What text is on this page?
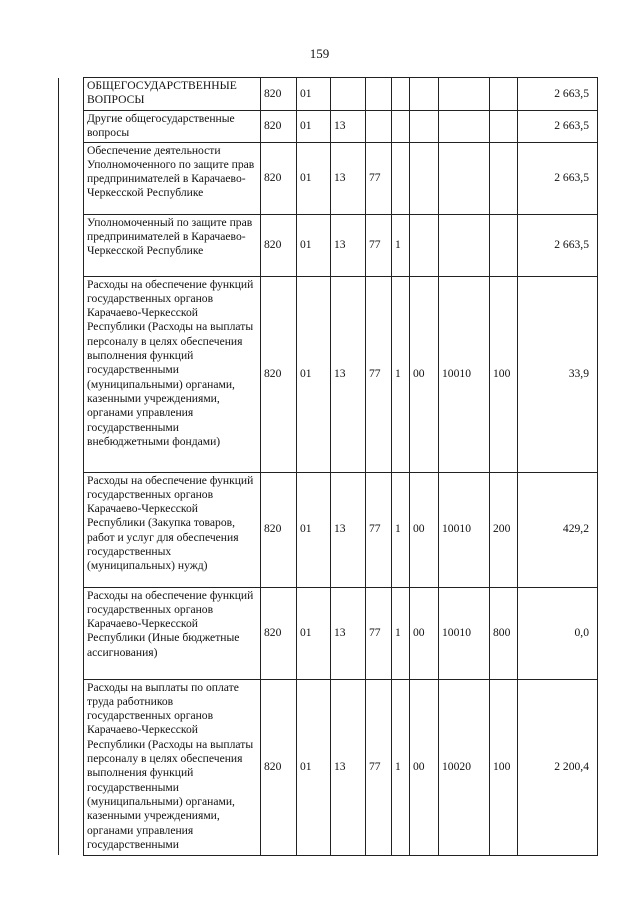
159
	ОБЩЕГОСУДАРСТВЕННЫЕ ВОПРОСЫ	820	01							2 663,5
	Другие общегосударственные вопросы	820	01	13						2 663,5
	Обеспечение деятельности Уполномоченного по защите прав предпринимателей в Карачаево-Черкесской Республике	820	01	13	77					2 663,5
	Уполномоченный по защите прав предпринимателей в Карачаево-Черкесской Республике	820	01	13	77	1				2 663,5
	Расходы на обеспечение функций государственных органов Карачаево-Черкесской Республики (Расходы на выплаты персоналу в целях обеспечения выполнения функций государственными (муниципальными) органами, казенными учреждениями, органами управления государственными внебюджетными фондами)	820	01	13	77	1	00	10010	100	33,9
	Расходы на обеспечение функций государственных органов Карачаево-Черкесской Республики (Закупка товаров, работ и услуг для обеспечения государственных (муниципальных) нужд)	820	01	13	77	1	00	10010	200	429,2
	Расходы на обеспечение функций государственных органов Карачаево-Черкесской Республики (Иные бюджетные ассигнования)	820	01	13	77	1	00	10010	800	0,0
	Расходы на выплаты по оплате труда работников государственных органов Карачаево-Черкесской Республики (Расходы на выплаты персоналу в целях обеспечения выполнения функций государственными (муниципальными) органами, казенными учреждениями, органами управления государственными	820	01	13	77	1	00	10020	100	2 200,4
